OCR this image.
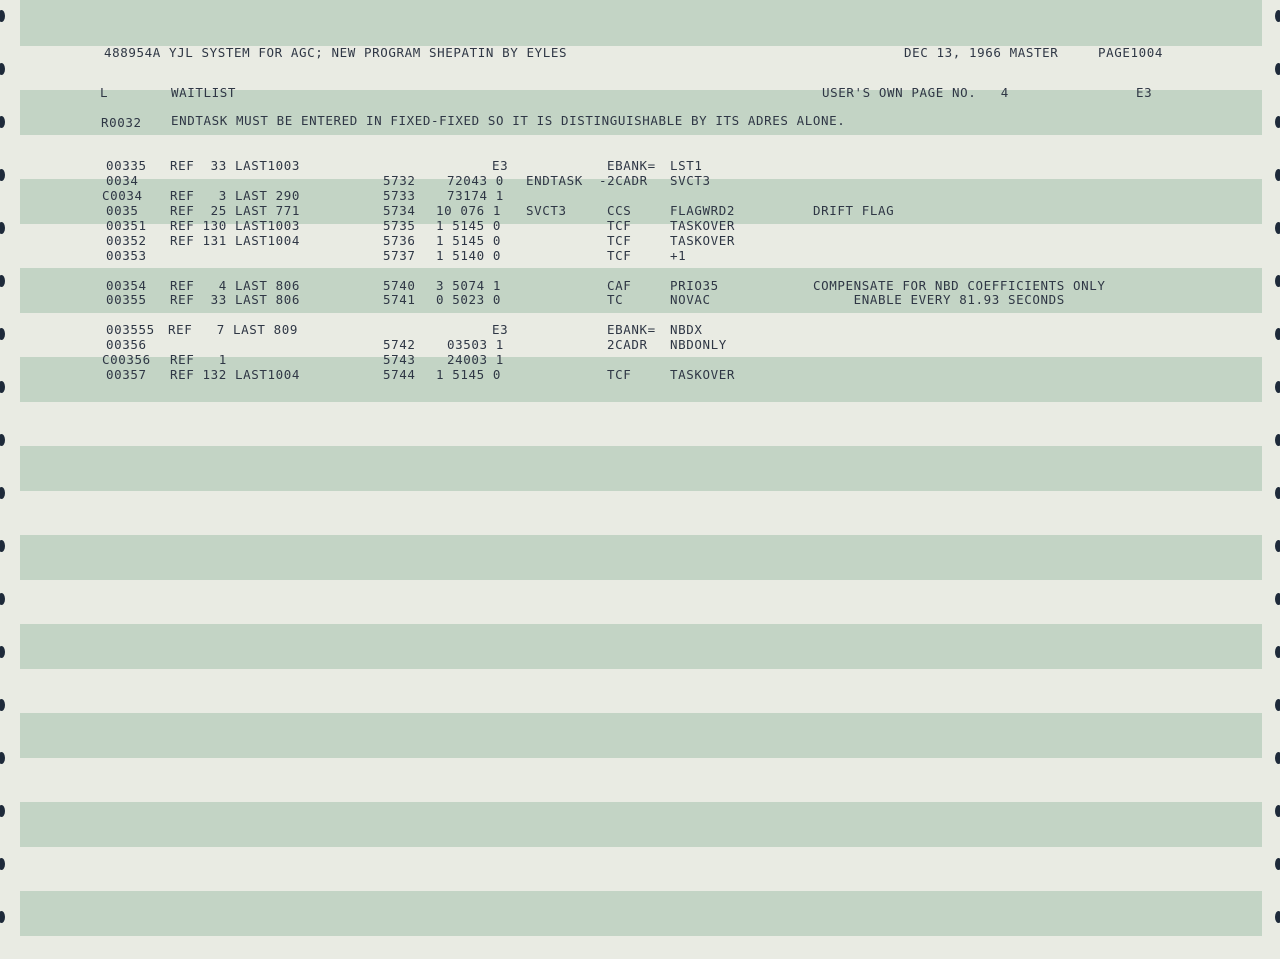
488954A YJL SYSTEM FOR AGC; NEW PROGRAM SHEPATIN BY EYLES	DEC 13, 1966 MASTER	PAGE1004
L	WAITLIST	USER'S OWN PAGE NO.   4	E3
R0032 ENDTASK MUST BE ENTERED IN FIXED-FIXED SO IT IS DISTINGUISHABLE BY ITS ADRES ALONE.
00335 REF  33 LAST1003	E3	EBANK= LST1
0034	5732	72043 0 ENDTASK -2CADR SVCT3
C0034 REF   3 LAST 290	5733	73174 1
0035	REF  25 LAST 771	5734 10 076 1 SVCT3	CCS	FLAGWRD2	DRIFT FLAG
00351 REF 130 LAST1003	5735 1 5145 0	TCF	TASKOVER
00352 REF 131 LAST1004	5736 1 5145 0	TCF	TASKOVER
00353	5737 1 5140 0	TCF	+1
00354 REF   4 LAST 806	5740 3 5074 1	CAF	PRIO35	COMPENSATE FOR NBD COEFFICIENTS ONLY
00355 REF  33 LAST 806	5741 0 5023 0	TC	NOVAC	ENABLE EVERY 81.93 SECONDS
003555 REF   7 LAST 809	E3	EBANK= NBDX
00356	5742	03503 1	2CADR NBDONLY
C00356 REF   1	5743	24003 1
00357 REF 132 LAST1004	5744 1 5145 0	TCF	TASKOVER
